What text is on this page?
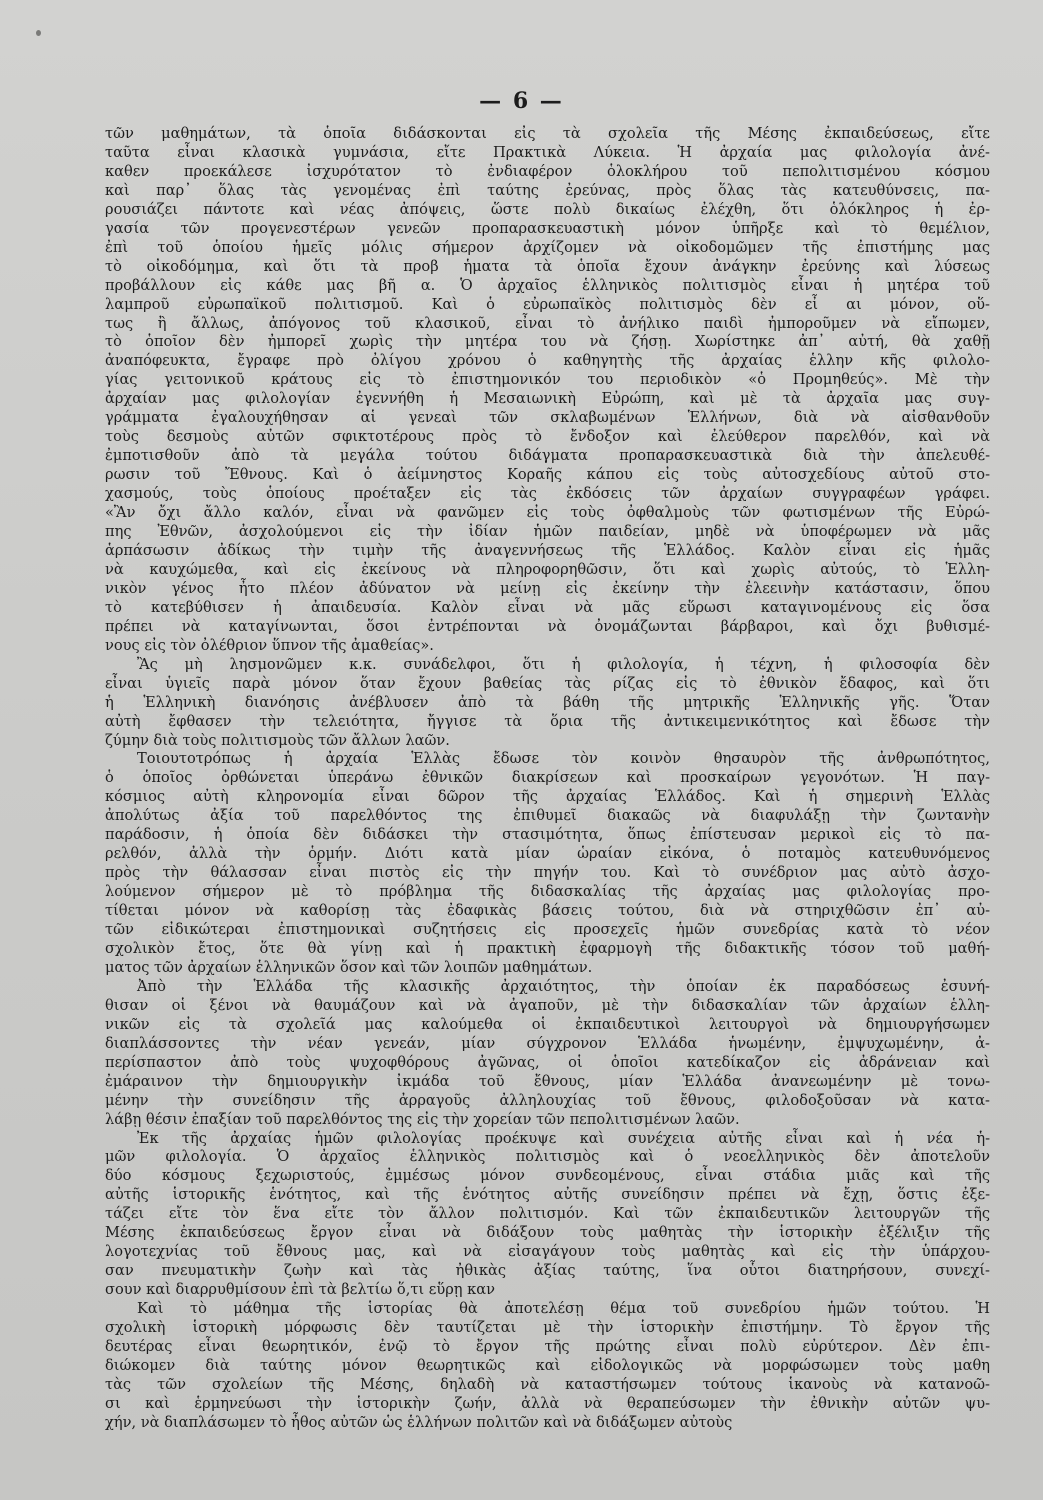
— 6 —
τῶν μαθημάτων, τὰ ὁποῖα διδάσκονται εἰς τὰ σχολεῖα τῆς Μέσης ἐκπαιδεύσεως, εἴτε
ταῦτα εἶναι κλασικὰ γυμνάσια, εἴτε Πρακτικὰ Λύκεια. Ἡ ἀρχαία μας φιλολογία ἀνέ-
καθεν προεκάλεσε ἰσχυρότατον τὸ ἐνδιαφέρον ὁλοκλήρου τοῦ πεπολιτισμένου κόσμου
καὶ παρ᾽ ὅλας τὰς γενομένας ἐπὶ ταύτης ἐρεύνας, πρὸς ὅλας τὰς κατευθύνσεις, πα-
ρουσιάζει πάντοτε καὶ νέας ἀπόψεις, ὥστε πολὺ δικαίως ἐλέχθη, ὅτι ὁλόκληρος ἡ ἐρ-
γασία τῶν προγενεστέρων γενεῶν προπαρασκευαστικὴ μόνον ὑπῆρξε καὶ τὸ θεμέλιον,
ἐπὶ τοῦ ὁποίου ἡμεῖς μόλις σήμερον ἀρχίζομεν νὰ οἰκοδομῶμεν τῆς ἐπιστήμης μας
τὸ οἰκοδόμημα, καὶ ὅτι τὰ προβ ἡματα τὰ ὁποῖα ἔχουν ἀνάγκην ἐρεύνης καὶ λύσεως
προβάλλουν εἰς κάθε μας βῆ α. Ὁ ἀρχαῖος ἑλληνικὸς πολιτισμὸς εἶναι ἡ μητέρα τοῦ
λαμπροῦ εὐρωπαϊκοῦ πολιτισμοῦ. Καὶ ὁ εὐρωπαϊκὸς πολιτισμὸς δὲν εἶ αι μόνον, οὕ-
τως ἢ ἄλλως, ἀπόγονος τοῦ κλασικοῦ, εἶναι τὸ ἀνήλικο παιδὶ ἠμποροῦμεν νὰ εἴπωμεν,
τὸ ὁποῖον δὲν ἠμπορεῖ χωρὶς τὴν μητέρα του νὰ ζήσῃ. Χωρίστηκε ἀπ᾽ αὐτή, θὰ χαθῇ
ἀναπόφευκτα, ἔγραφε πρὸ ὀλίγου χρόνου ὁ καθηγητὴς τῆς ἀρχαίας ἑλλην κῆς φιλολο-
γίας γειτονικοῦ κράτους εἰς τὸ ἐπιστημονικόν του περιοδικὸν «ὁ Προμηθεύς». Μὲ τὴν
ἀρχαίαν μας φιλολογίαν ἐγεννήθη ἡ Μεσαιωνικὴ Εὐρώπη, καὶ μὲ τὰ ἀρχαῖα μας συγ-
γράμματα ἐγαλουχήθησαν αἱ γενεαὶ τῶν σκλαβωμένων Ἑλλήνων, διὰ νὰ αἰσθανθοῦν
τοὺς δεσμοὺς αὐτῶν σφικτοτέρους πρὸς τὸ ἔνδοξον καὶ ἐλεύθερον παρελθόν, καὶ νὰ
ἐμποτισθοῦν ἀπὸ τὰ μεγάλα τούτου διδάγματα προπαρασκευαστικὰ διὰ τὴν ἀπελευθέ-
ρωσιν τοῦ Ἔθνους. Καὶ ὁ ἀείμνηστος Κοραῆς κάπου εἰς τοὺς αὐτοσχεδίους αὐτοῦ στο-
χασμούς, τοὺς ὁποίους προέταξεν εἰς τὰς ἐκδόσεις τῶν ἀρχαίων συγγραφέων γράφει.
«Ἂν ὄχι ἄλλο καλόν, εἶναι νὰ φανῶμεν εἰς τοὺς ὀφθαλμοὺς τῶν φωτισμένων τῆς Εὐρώ-
πης Ἐθνῶν, ἀσχολούμενοι εἰς τὴν ἰδίαν ἡμῶν παιδείαν, μηδὲ νὰ ὑποφέρωμεν νὰ μᾶς
ἁρπάσωσιν ἀδίκως τὴν τιμὴν τῆς ἀναγεννήσεως τῆς Ἑλλάδος. Καλὸν εἶναι εἰς ἡμᾶς
νὰ καυχώμεθα, καὶ εἰς ἐκείνους νὰ πληροφορηθῶσιν, ὅτι καὶ χωρὶς αὐτούς, τὸ Ἑλλη-
νικὸν γένος ἦτο πλέον ἀδύνατον νὰ μείνῃ εἰς ἐκείνην τὴν ἐλεεινὴν κατάστασιν, ὅπου
τὸ κατεβύθισεν ἡ ἀπαιδευσία. Καλὸν εἶναι νὰ μᾶς εὕρωσι καταγινομένους εἰς ὅσα
πρέπει νὰ καταγίνωνται, ὅσοι ἐντρέπονται νὰ ὀνομάζωνται βάρβαροι, καὶ ὄχι βυθισμέ-
νους εἰς τὸν ὀλέθριον ὕπνον τῆς ἀμαθείας».
Ἂς μὴ λησμονῶμεν κ.κ. συνάδελφοι, ὅτι ἡ φιλολογία, ἡ τέχνη, ἡ φιλοσοφία δὲν
εἶναι ὑγιεῖς παρὰ μόνον ὅταν ἔχουν βαθείας τὰς ρίζας εἰς τὸ ἐθνικὸν ἔδαφος, καὶ ὅτι
ἡ Ἑλληνικὴ διανόησις ἀνέβλυσεν ἀπὸ τὰ βάθη τῆς μητρικῆς Ἑλληνικῆς γῆς. Ὅταν
αὐτὴ ἔφθασεν τὴν τελειότητα, ἤγγισε τὰ ὅρια τῆς ἀντικειμενικότητος καὶ ἔδωσε τὴν
ζύμην διὰ τοὺς πολιτισμοὺς τῶν ἄλλων λαῶν.
Τοιουτοτρόπως ἡ ἀρχαία Ἑλλὰς ἔδωσε τὸν κοινὸν θησαυρὸν τῆς ἀνθρωπότητος,
ὁ ὁποῖος ὀρθώνεται ὑπεράνω ἐθνικῶν διακρίσεων καὶ προσκαίρων γεγονότων. Ἡ παγ-
κόσμιος αὐτὴ κληρονομία εἶναι δῶρον τῆς ἀρχαίας Ἑλλάδος. Καὶ ἡ σημερινὴ Ἑλλὰς
ἀπολύτως ἀξία τοῦ παρελθόντος της ἐπιθυμεῖ διακαῶς νὰ διαφυλάξῃ τὴν ζωντανὴν
παράδοσιν, ἡ ὁποία δὲν διδάσκει τὴν στασιμότητα, ὅπως ἐπίστευσαν μερικοὶ εἰς τὸ πα-
ρελθόν, ἀλλὰ τὴν ὁρμήν. Διότι κατὰ μίαν ὡραίαν εἰκόνα, ὁ ποταμὸς κατευθυνόμενος
πρὸς τὴν θάλασσαν εἶναι πιστὸς εἰς τὴν πηγήν του. Καὶ τὸ συνέδριον μας αὐτὸ ἀσχο-
λούμενον σήμερον μὲ τὸ πρόβλημα τῆς διδασκαλίας τῆς ἀρχαίας μας φιλολογίας προ-
τίθεται μόνον νὰ καθορίσῃ τὰς ἐδαφικὰς βάσεις τούτου, διὰ νὰ στηριχθῶσιν ἐπ᾽ αὐ-
τῶν εἰδικώτεραι ἐπιστημονικαὶ συζητήσεις εἰς προσεχεῖς ἡμῶν συνεδρίας κατὰ τὸ νέον
σχολικὸν ἔτος, ὅτε θὰ γίνῃ καὶ ἡ πρακτικὴ ἐφαρμογὴ τῆς διδακτικῆς τόσον τοῦ μαθή-
ματος τῶν ἀρχαίων ἑλληνικῶν ὅσον καὶ τῶν λοιπῶν μαθημάτων.
Ἀπὸ τὴν Ἑλλάδα τῆς κλασικῆς ἀρχαιότητος, τὴν ὁποίαν ἐκ παραδόσεως ἐσυνή-
θισαν οἱ ξένοι νὰ θαυμάζουν καὶ νὰ ἀγαποῦν, μὲ τὴν διδασκαλίαν τῶν ἀρχαίων ἑλλη-
νικῶν εἰς τὰ σχολεῖά μας καλούμεθα οἱ ἐκπαιδευτικοὶ λειτουργοὶ νὰ δημιουργήσωμεν
διαπλάσσοντες τὴν νέαν γενεάν, μίαν σύγχρονον Ἑλλάδα ἡνωμένην, ἐμψυχωμένην, ἀ-
περίσπαστον ἀπὸ τοὺς ψυχοφθόρους ἀγῶνας, οἱ ὁποῖοι κατεδίκαζον εἰς ἀδράνειαν καὶ
ἐμάραινον τὴν δημιουργικὴν ἰκμάδα τοῦ ἔθνους, μίαν Ἑλλάδα ἀνανεωμένην μὲ τονω-
μένην τὴν συνείδησιν τῆς ἀρραγοῦς ἀλληλουχίας τοῦ ἔθνους, φιλοδοξοῦσαν νὰ κατα-
λάβῃ θέσιν ἐπαξίαν τοῦ παρελθόντος της εἰς τὴν χορείαν τῶν πεπολιτισμένων λαῶν.
Ἐκ τῆς ἀρχαίας ἡμῶν φιλολογίας προέκυψε καὶ συνέχεια αὐτῆς εἶναι καὶ ἡ νέα ἡ-
μῶν φιλολογία. Ὁ ἀρχαῖος ἑλληνικὸς πολιτισμὸς καὶ ὁ νεοελληνικὸς δὲν ἀποτελοῦν
δύο κόσμους ξεχωριστούς, ἐμμέσως μόνον συνδεομένους, εἶναι στάδια μιᾶς καὶ τῆς
αὐτῆς ἱστορικῆς ἑνότητος, καὶ τῆς ἑνότητος αὐτῆς συνείδησιν πρέπει νὰ ἔχῃ, ὅστις ἐξε-
τάζει εἴτε τὸν ἕνα εἴτε τὸν ἄλλον πολιτισμόν. Καὶ τῶν ἐκπαιδευτικῶν λειτουργῶν τῆς
Μέσης ἐκπαιδεύσεως ἔργον εἶναι νὰ διδάξουν τοὺς μαθητὰς τὴν ἱστορικὴν ἐξέλιξιν τῆς
λογοτεχνίας τοῦ ἔθνους μας, καὶ νὰ εἰσαγάγουν τοὺς μαθητὰς καὶ εἰς τὴν ὑπάρχου-
σαν πνευματικὴν ζωὴν καὶ τὰς ἠθικὰς ἀξίας ταύτης, ἵνα οὗτοι διατηρήσουν, συνεχί-
σουν καὶ διαρρυθμίσουν ἐπὶ τὰ βελτίω ὅ,τι εὕρῃ καν
Καὶ τὸ μάθημα τῆς ἱστορίας θὰ ἀποτελέσῃ θέμα τοῦ συνεδρίου ἡμῶν τούτου. Ἡ
σχολικὴ ἱστορικὴ μόρφωσις δὲν ταυτίζεται μὲ τὴν ἱστορικὴν ἐπιστήμην. Τὸ ἔργον τῆς
δευτέρας εἶναι θεωρητικόν, ἐνῷ τὸ ἔργον τῆς πρώτης εἶναι πολὺ εὐρύτερον. Δὲν ἐπι-
διώκομεν διὰ ταύτης μόνον θεωρητικῶς καὶ εἰδολογικῶς νὰ μορφώσωμεν τοὺς μαθη
τὰς τῶν σχολείων τῆς Μέσης, δηλαδὴ νὰ καταστήσωμεν τούτους ἱκανοὺς νὰ κατανοῶ-
σι καὶ ἑρμηνεύωσι τὴν ἱστορικὴν ζωήν, ἀλλὰ νὰ θεραπεύσωμεν τὴν ἐθνικὴν αὐτῶν ψυ-
χήν, νὰ διαπλάσωμεν τὸ ἦθος αὐτῶν ὡς ἑλλήνων πολιτῶν καὶ νὰ διδάξωμεν αὐτοὺς
